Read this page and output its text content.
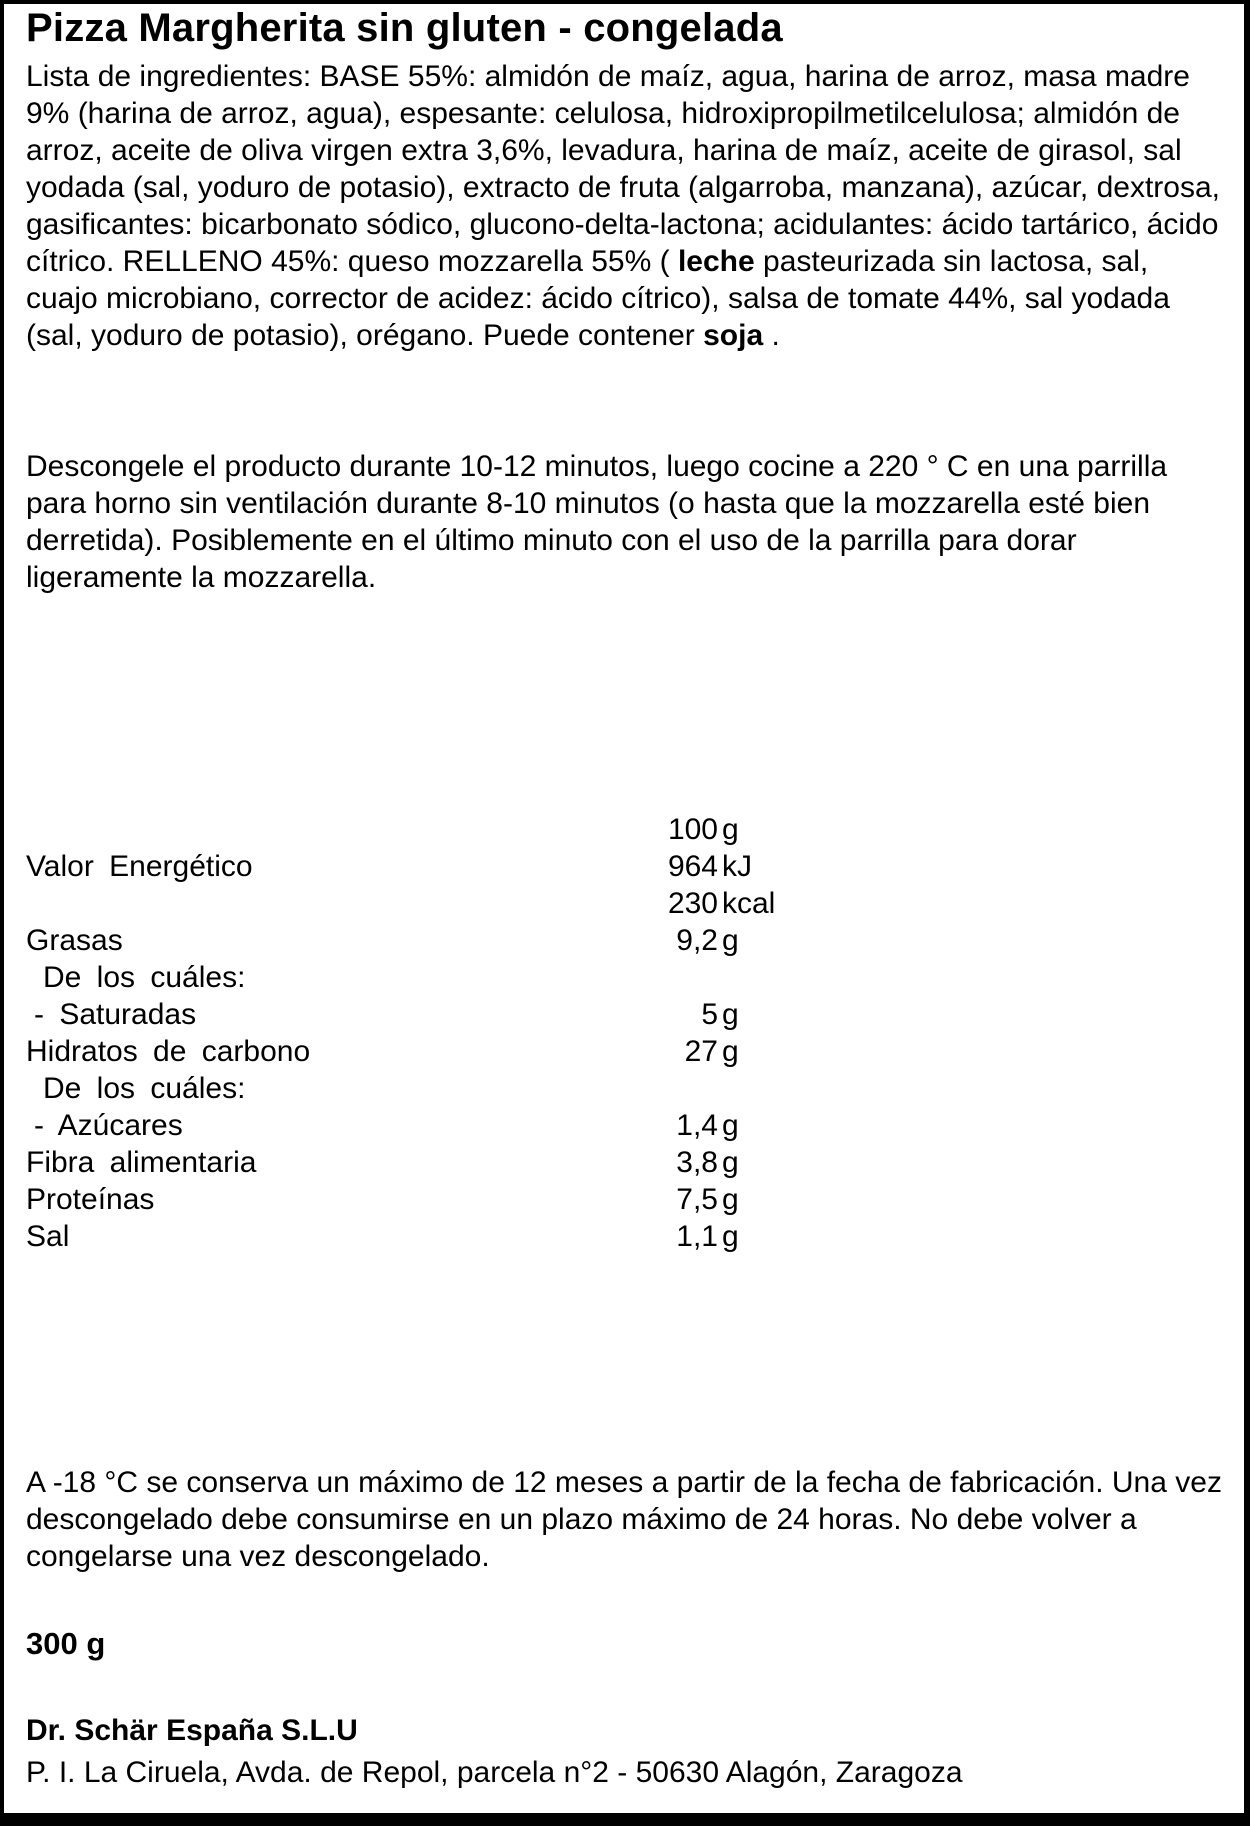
Pizza Margherita sin gluten - congelada

Lista de ingredientes: BASE 55%: almidón de maíz, agua, harina de arroz, masa madre 9% (harina de arroz, agua), espesante: celulosa, hidroxipropilmetilcelulosa; almidón de arroz, aceite de oliva virgen extra 3,6%, levadura, harina de maíz, aceite de girasol, sal yodada (sal, yoduro de potasio), extracto de fruta (algarroba, manzana), azúcar, dextrosa, gasificantes: bicarbonato sódico, glucono-delta-lactona; acidulantes: ácido tartárico, ácido cítrico. RELLENO 45%: queso mozzarella 55% ( leche pasteurizada sin lactosa, sal, cuajo microbiano, corrector de acidez: ácido cítrico), salsa de tomate 44%, sal yodada (sal, yoduro de potasio), orégano. Puede contener soja .

Descongele el producto durante 10-12 minutos, luego cocine a 220 ° C en una parrilla para horno sin ventilación durante 8-10 minutos (o hasta que la mozzarella esté bien derretida). Posiblemente en el último minuto con el uso de la parrilla para dorar ligeramente la mozzarella.

	100	g
Valor Energético	964	kJ
	230	kcal
Grasas	9,2	g
De los cuáles:		
- Saturadas	5	g
Hidratos de carbono	27	g
De los cuáles:		
- Azúcares	1,4	g
Fibra alimentaria	3,8	g
Proteínas	7,5	g
Sal	1,1	g

A -18 °C se conserva un máximo de 12 meses a partir de la fecha de fabricación. Una vez descongelado debe consumirse en un plazo máximo de 24 horas. No debe volver a congelarse una vez descongelado.

300 g

Dr. Schär España S.L.U

P. I. La Ciruela, Avda. de Repol, parcela n°2 - 50630 Alagón, Zaragoza
